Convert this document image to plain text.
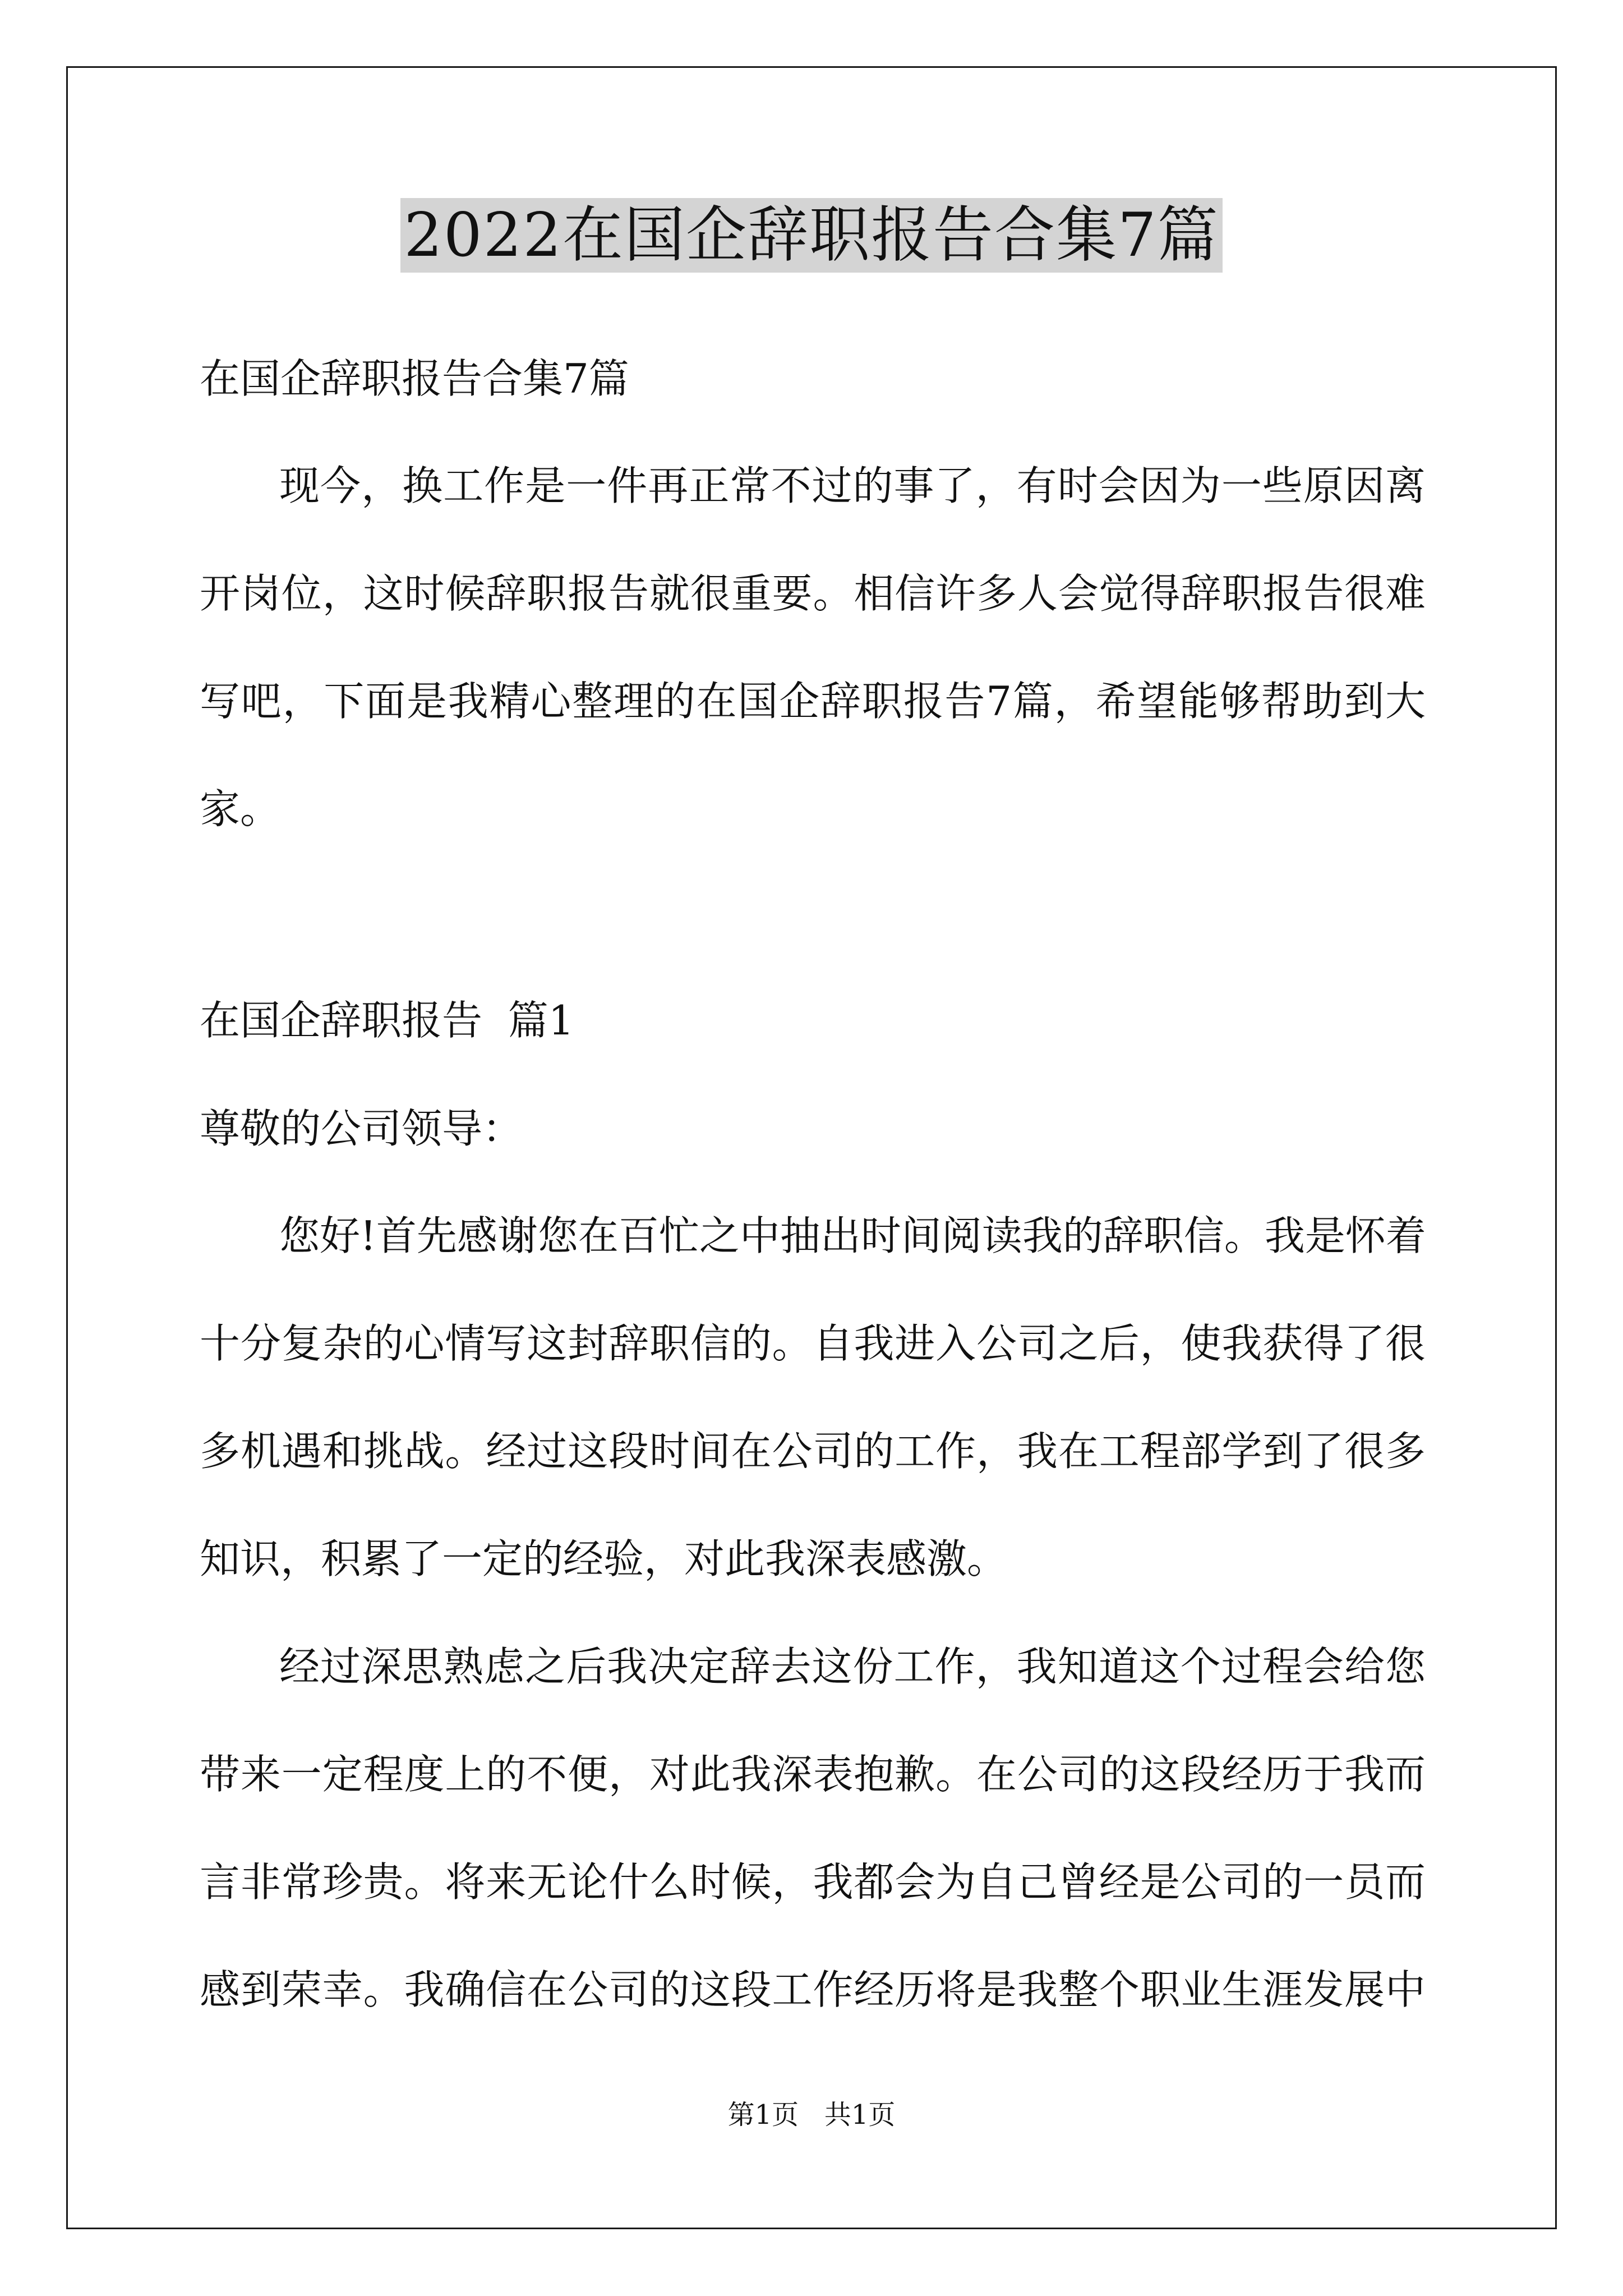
2022在国企辞职报告合集7篇
在国企辞职报告合集7篇
现今，换工作是一件再正常不过的事了，有时会因为一些原因离
开岗位，这时候辞职报告就很重要。相信许多人会觉得辞职报告很难
写吧，下面是我精心整理的在国企辞职报告7篇，希望能够帮助到大
家。
在国企辞职报告  篇1
尊敬的公司领导：
您好!首先感谢您在百忙之中抽出时间阅读我的辞职信。我是怀着
十分复杂的心情写这封辞职信的。自我进入公司之后，使我获得了很
多机遇和挑战。经过这段时间在公司的工作，我在工程部学到了很多
知识，积累了一定的经验，对此我深表感激。
经过深思熟虑之后我决定辞去这份工作，我知道这个过程会给您
带来一定程度上的不便，对此我深表抱歉。在公司的这段经历于我而
言非常珍贵。将来无论什么时候，我都会为自己曾经是公司的一员而
感到荣幸。我确信在公司的这段工作经历将是我整个职业生涯发展中
第1页   共1页
